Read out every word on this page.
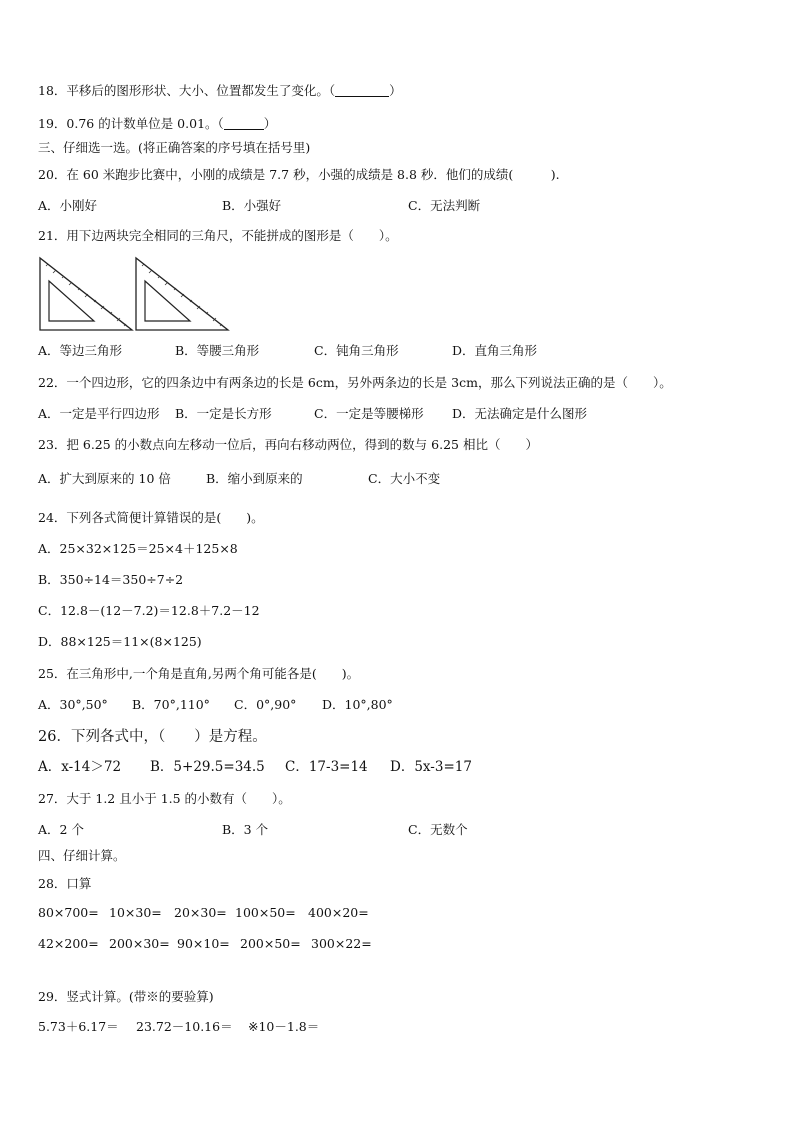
18．平移后的图形形状、大小、位置都发生了变化。（	）
19．0.76 的计数单位是 0.01。（	）
三、仔细选一选。(将正确答案的序号填在括号里)
20．在 60 米跑步比赛中，小刚的成绩是 7.7 秒，小强的成绩是 8.8 秒．他们的成绩(　　　).
A．小刚好	B．小强好	C．无法判断
21．用下边两块完全相同的三角尺，不能拼成的图形是（　　）。
A．等边三角形	B．等腰三角形	C．钝角三角形	D．直角三角形
22．一个四边形，它的四条边中有两条边的长是 6cm，另外两条边的长是 3cm，那么下列说法正确的是（　　）。
A．一定是平行四边形 B．一定是长方形	C．一定是等腰梯形 D．无法确定是什么图形
23．把 6.25 的小数点向左移动一位后，再向右移动两位，得到的数与 6.25 相比（　　）
A．扩大到原来的 10 倍	B．缩小到原来的	C．大小不变
24．下列各式简便计算错误的是(　　)。
A．25×32×125＝25×4＋125×8
B．350÷14＝350÷7÷2
C．12.8－(12－7.2)＝12.8＋7.2－12
D．88×125＝11×(8×125)
25．在三角形中,一个角是直角,另两个角可能各是(　　)。
A．30°,50° B．70°,110° C．0°,90° D．10°,80°
26．下列各式中，（　　）是方程。
A．x-14＞72 B．5+29.5=34.5 C．17-3=14 D．5x-3=17
27．大于 1.2 且小于 1.5 的小数有（　　）。
A．2 个	B．3 个	C．无数个
四、仔细计算。
28．口算
80×700= 10×30= 20×30= 100×50= 400×20=
42×200= 200×30= 90×10= 200×50= 300×22=
29．竖式计算。(带※的要验算)
5.73＋6.17＝ 23.72－10.16＝ ※10－1.8＝
